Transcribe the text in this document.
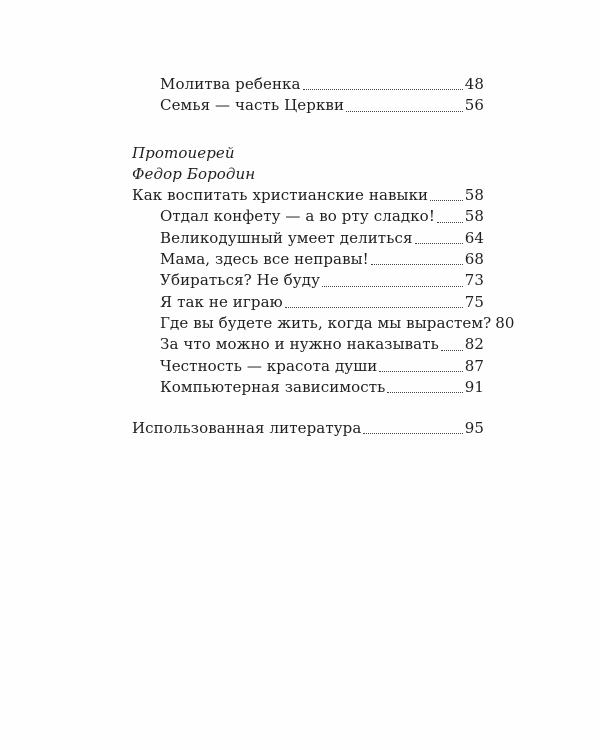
Молитва ребенка	48
Семья — часть Церкви	56
Протоиерей
Федор Бородин
Как воспитать христианские навыки 58
Отдал конфету — а во рту сладко! 58
Великодушный умеет делиться	64
Мама, здесь все неправы!	68
Убираться? Не буду	73
Я так не играю	75
Где вы будете жить, когда мы вырастем? 80
За что можно и нужно наказывать 82
Честность — красота души	87
Компьютерная зависимость	91
Использованная литература	95
